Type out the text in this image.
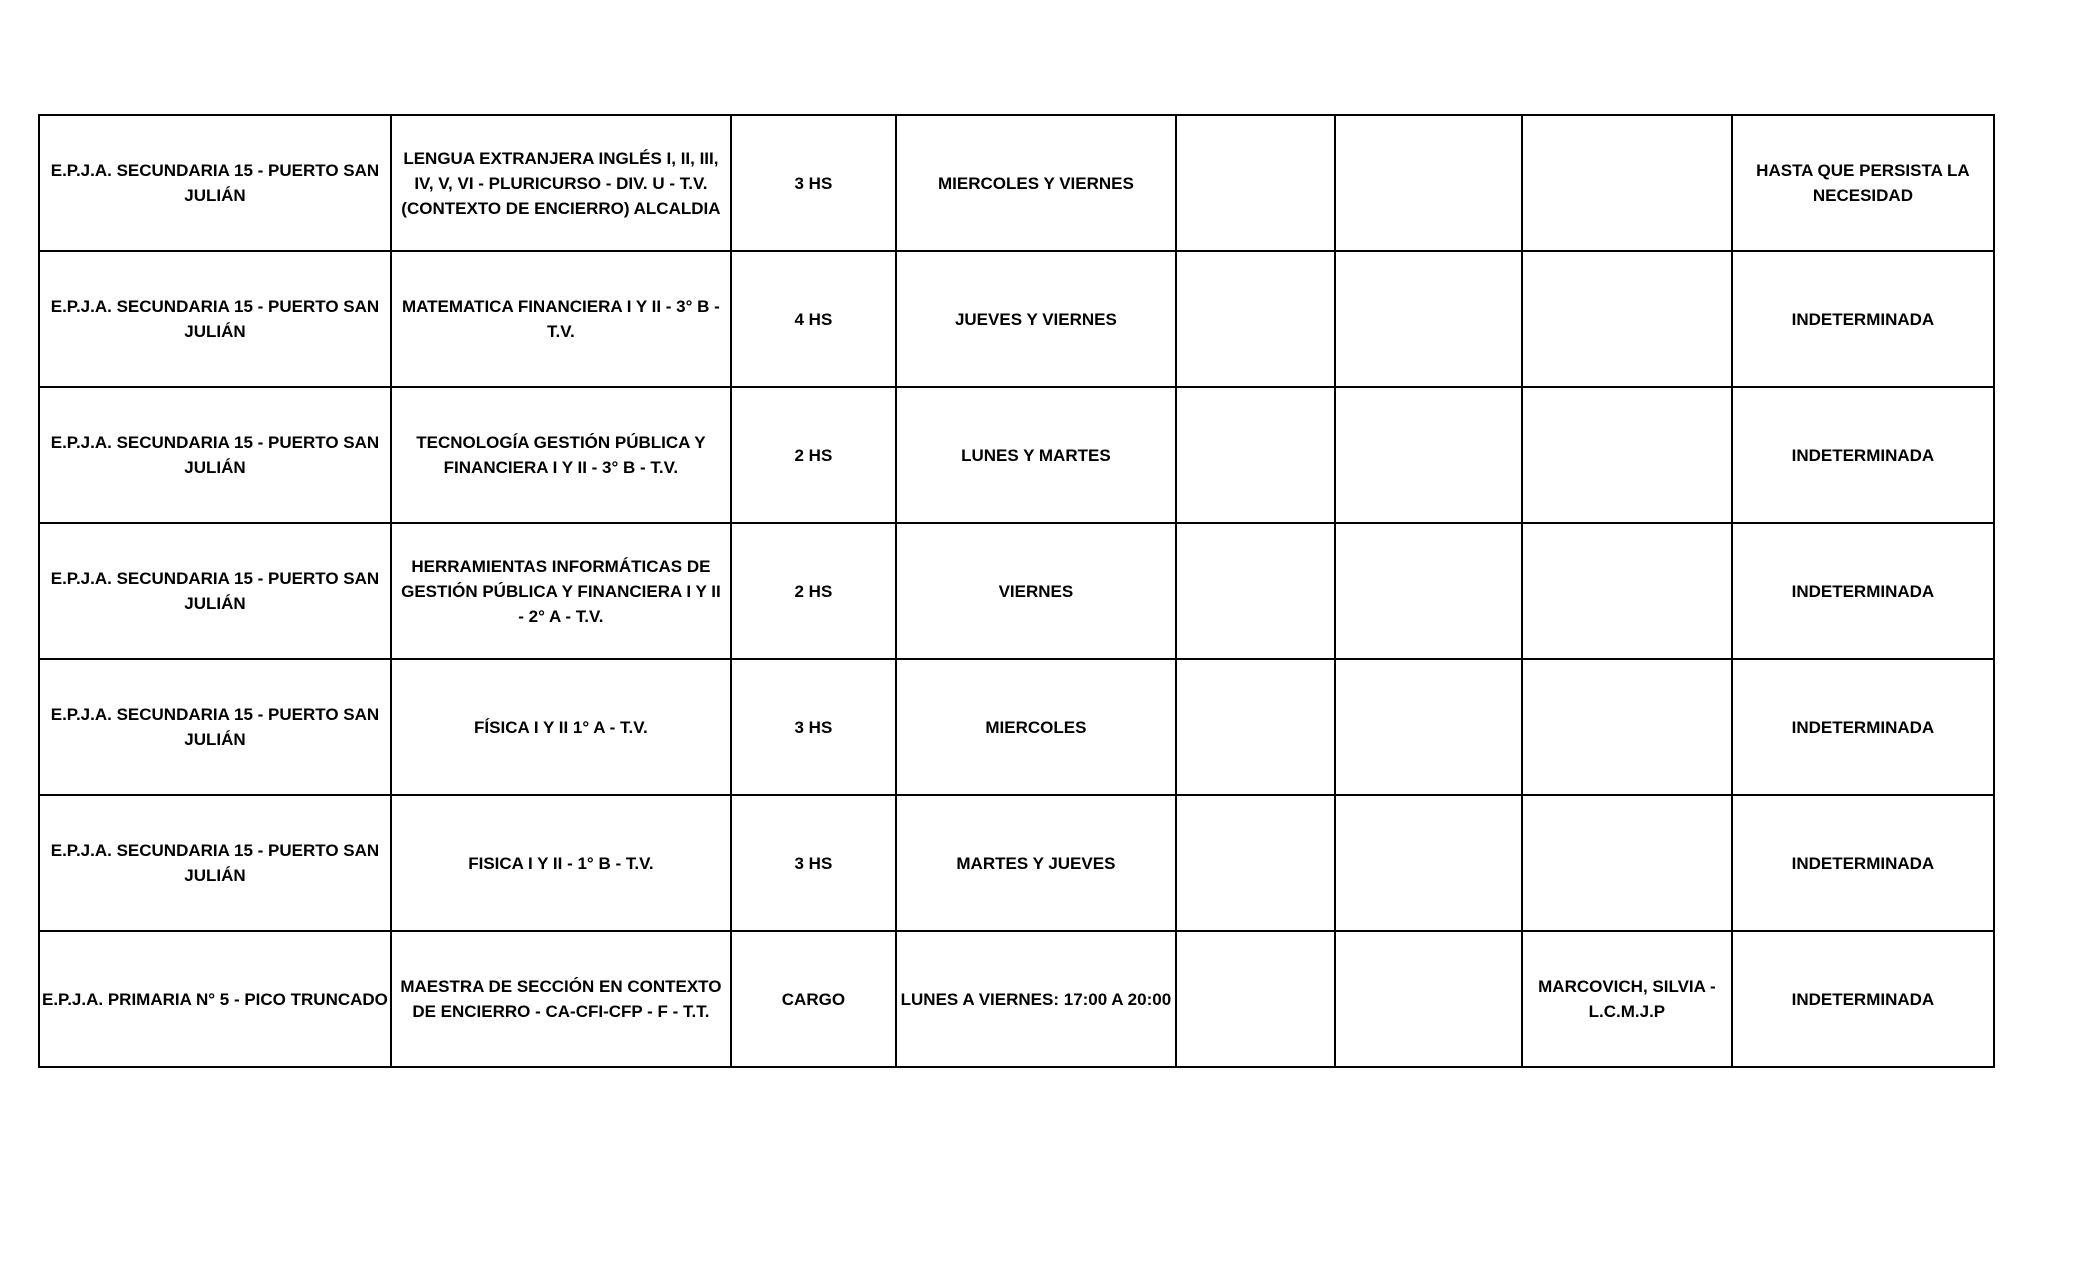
E.P.J.A. SECUNDARIA 15 - PUERTO SAN JULIÁN	LENGUA EXTRANJERA INGLÉS I, II, III, IV, V, VI - PLURICURSO - DIV. U - T.V. (CONTEXTO DE ENCIERRO) ALCALDIA	3 HS	MIERCOLES Y VIERNES				HASTA QUE PERSISTA LA NECESIDAD
E.P.J.A. SECUNDARIA 15 - PUERTO SAN JULIÁN	MATEMATICA FINANCIERA I Y II - 3° B - T.V.	4 HS	JUEVES Y VIERNES				INDETERMINADA
E.P.J.A. SECUNDARIA 15 - PUERTO SAN JULIÁN	TECNOLOGÍA GESTIÓN PÚBLICA Y FINANCIERA I Y II - 3° B - T.V.	2 HS	LUNES Y MARTES				INDETERMINADA
E.P.J.A. SECUNDARIA 15 - PUERTO SAN JULIÁN	HERRAMIENTAS INFORMÁTICAS DE GESTIÓN PÚBLICA Y FINANCIERA I Y II - 2° A - T.V.	2 HS	VIERNES				INDETERMINADA
E.P.J.A. SECUNDARIA 15 - PUERTO SAN JULIÁN	FÍSICA I Y II 1° A - T.V.	3 HS	MIERCOLES				INDETERMINADA
E.P.J.A. SECUNDARIA 15 - PUERTO SAN JULIÁN	FISICA I Y II - 1° B - T.V.	3 HS	MARTES Y JUEVES				INDETERMINADA
E.P.J.A. PRIMARIA N° 5 - PICO TRUNCADO	MAESTRA DE SECCIÓN EN CONTEXTO DE ENCIERRO - CA-CFI-CFP - F - T.T.	CARGO	LUNES A VIERNES: 17:00 A 20:00			MARCOVICH, SILVIA - L.C.M.J.P	INDETERMINADA
